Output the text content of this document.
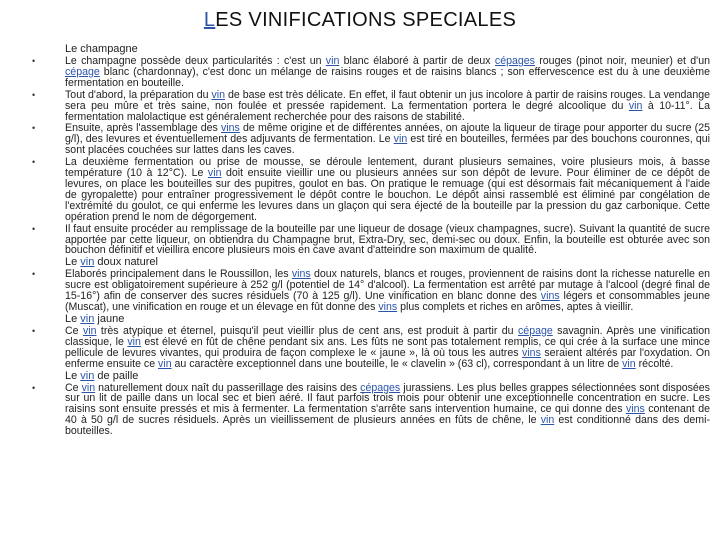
LES VINIFICATIONS SPECIALES
Le champagne
•	Le champagne possède deux particularités : c'est un vin blanc élaboré à partir de deux cépages rouges (pinot noir, meunier) et d'un cépage blanc (chardonnay), c'est donc un mélange de raisins rouges et de raisins blancs ; son effervescence est du à une deuxième fermentation en bouteille.
•	Tout d'abord, la préparation du vin de base est très délicate. En effet, il faut obtenir un jus incolore à partir de raisins rouges. La vendange sera peu mûre et très saine, non foulée et pressée rapidement. La fermentation portera le degré alcoolique du vin à 10-11°. La fermentation malolactique est généralement recherchée pour des raisons de stabilité.
•	Ensuite, après l'assemblage des vins de même origine et de différentes années, on ajoute la liqueur de tirage pour apporter du sucre (25 g/l), des levures et éventuellement des adjuvants de fermentation. Le vin est tiré en bouteilles, fermées par des bouchons couronnes, qui sont placées couchées sur lattes dans les caves.
•	La deuxième fermentation ou prise de mousse, se déroule lentement, durant plusieurs semaines, voire plusieurs mois, à basse température (10 à 12°C). Le vin doit ensuite vieillir une ou plusieurs années sur son dépôt de levure. Pour éliminer de ce dépôt de levures, on place les bouteilles sur des pupitres, goulot en bas. On pratique le remuage (qui est désormais fait mécaniquement à l'aide de gyropalette) pour entraîner progressivement le dépôt contre le bouchon. Le dépôt ainsi rassemblé est éliminé par congélation de l'extrémité du goulot, ce qui enferme les levures dans un glaçon qui sera éjecté de la bouteille par la pression du gaz carbonique. Cette opération prend le nom de dégorgement.
•	Il faut ensuite procéder au remplissage de la bouteille par une liqueur de dosage (vieux champagnes, sucre). Suivant la quantité de sucre apportée par cette liqueur, on obtiendra du Champagne brut, Extra-Dry, sec, demi-sec ou doux. Enfin, la bouteille est obturée avec son bouchon définitif et vieillira encore plusieurs mois en cave avant d'atteindre son maximum de qualité.
Le vin doux naturel
•	Elaborés principalement dans le Roussillon, les vins doux naturels, blancs et rouges, proviennent de raisins dont la richesse naturelle en sucre est obligatoirement supérieure à 252 g/l (potentiel de 14° d'alcool). La fermentation est arrêté par mutage à l'alcool (degré final de 15-16°) afin de conserver des sucres résiduels (70 à 125 g/l). Une vinification en blanc donne des vins légers et consommables jeune (Muscat), une vinification en rouge et un élevage en fût donne des vins plus complets et riches en arômes, aptes à vieillir.
Le vin jaune
•	Ce vin très atypique et éternel, puisqu'il peut vieillir plus de cent ans, est produit à partir du cépage savagnin. Après une vinification classique, le vin est élevé en fût de chêne pendant six ans. Les fûts ne sont pas totalement remplis, ce qui crée à la surface une mince pellicule de levures vivantes, qui produira de façon complexe le « jaune », là où tous les autres vins seraient altérés par l'oxydation. On enferme ensuite ce vin au caractère exceptionnel dans une bouteille, le « clavelin » (63 cl), correspondant à un litre de vin récolté.
Le vin de paille
•	Ce vin naturellement doux naît du passerillage des raisins des cépages jurassiens. Les plus belles grappes sélectionnées sont disposées sur un lit de paille dans un local sec et bien aéré. Il faut parfois trois mois pour obtenir une exceptionnelle concentration en sucre. Les raisins sont ensuite pressés et mis à fermenter. La fermentation s'arrête sans intervention humaine, ce qui donne des vins contenant de 40 à 50 g/l de sucres résiduels. Après un vieillissement de plusieurs années en fûts de chêne, le vin est conditionné dans des demi-bouteilles.
